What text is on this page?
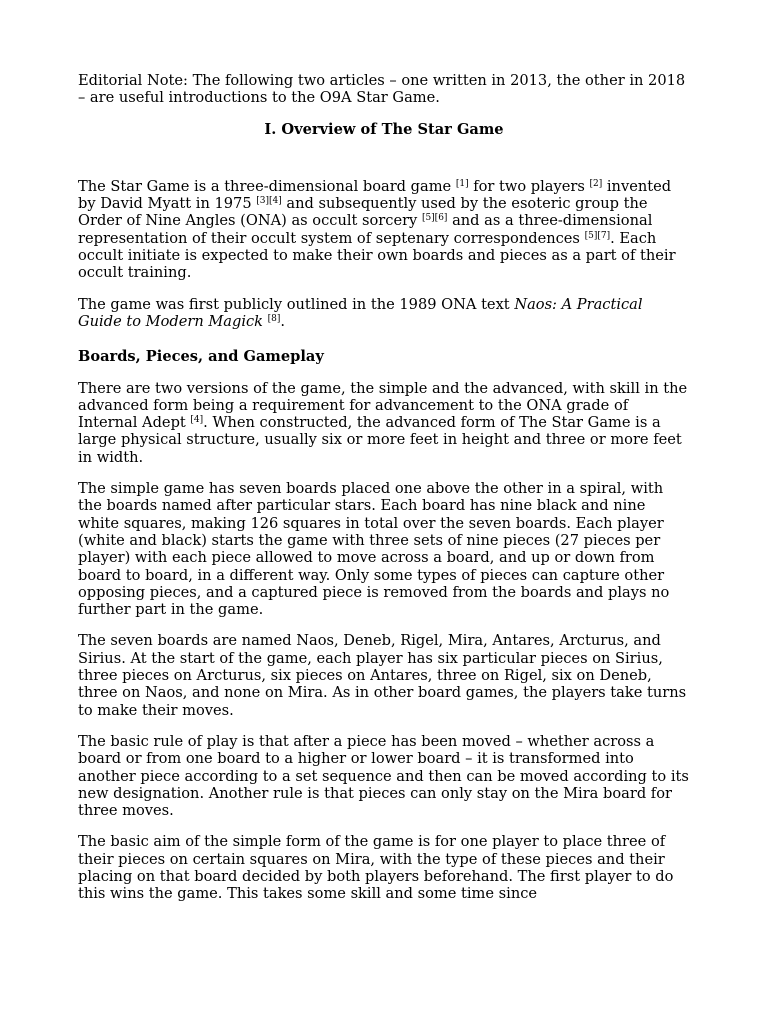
Editorial Note: The following two articles – one written in 2013, the other in 2018 – are useful introductions to the O9A Star Game.

I. Overview of The Star Game

The Star Game is a three-dimensional board game [1] for two players [2] invented by David Myatt in 1975 [3][4] and subsequently used by the esoteric group the Order of Nine Angles (ONA) as occult sorcery [5][6] and as a three-dimensional representation of their occult system of septenary correspondences [5][7]. Each occult initiate is expected to make their own boards and pieces as a part of their occult training.

The game was first publicly outlined in the 1989 ONA text Naos: A Practical Guide to Modern Magick [8].

Boards, Pieces, and Gameplay

There are two versions of the game, the simple and the advanced, with skill in the advanced form being a requirement for advancement to the ONA grade of Internal Adept [4]. When constructed, the advanced form of The Star Game is a large physical structure, usually six or more feet in height and three or more feet in width.

The simple game has seven boards placed one above the other in a spiral, with the boards named after particular stars. Each board has nine black and nine white squares, making 126 squares in total over the seven boards. Each player (white and black) starts the game with three sets of nine pieces (27 pieces per player) with each piece allowed to move across a board, and up or down from board to board, in a different way. Only some types of pieces can capture other opposing pieces, and a captured piece is removed from the boards and plays no further part in the game.

The seven boards are named Naos, Deneb, Rigel, Mira, Antares, Arcturus, and Sirius. At the start of the game, each player has six particular pieces on Sirius, three pieces on Arcturus, six pieces on Antares, three on Rigel, six on Deneb, three on Naos, and none on Mira. As in other board games, the players take turns to make their moves.

The basic rule of play is that after a piece has been moved – whether across a board or from one board to a higher or lower board – it is transformed into another piece according to a set sequence and then can be moved according to its new designation. Another rule is that pieces can only stay on the Mira board for three moves.

The basic aim of the simple form of the game is for one player to place three of their pieces on certain squares on Mira, with the type of these pieces and their placing on that board decided by both players beforehand. The first player to do this wins the game. This takes some skill and some time since
